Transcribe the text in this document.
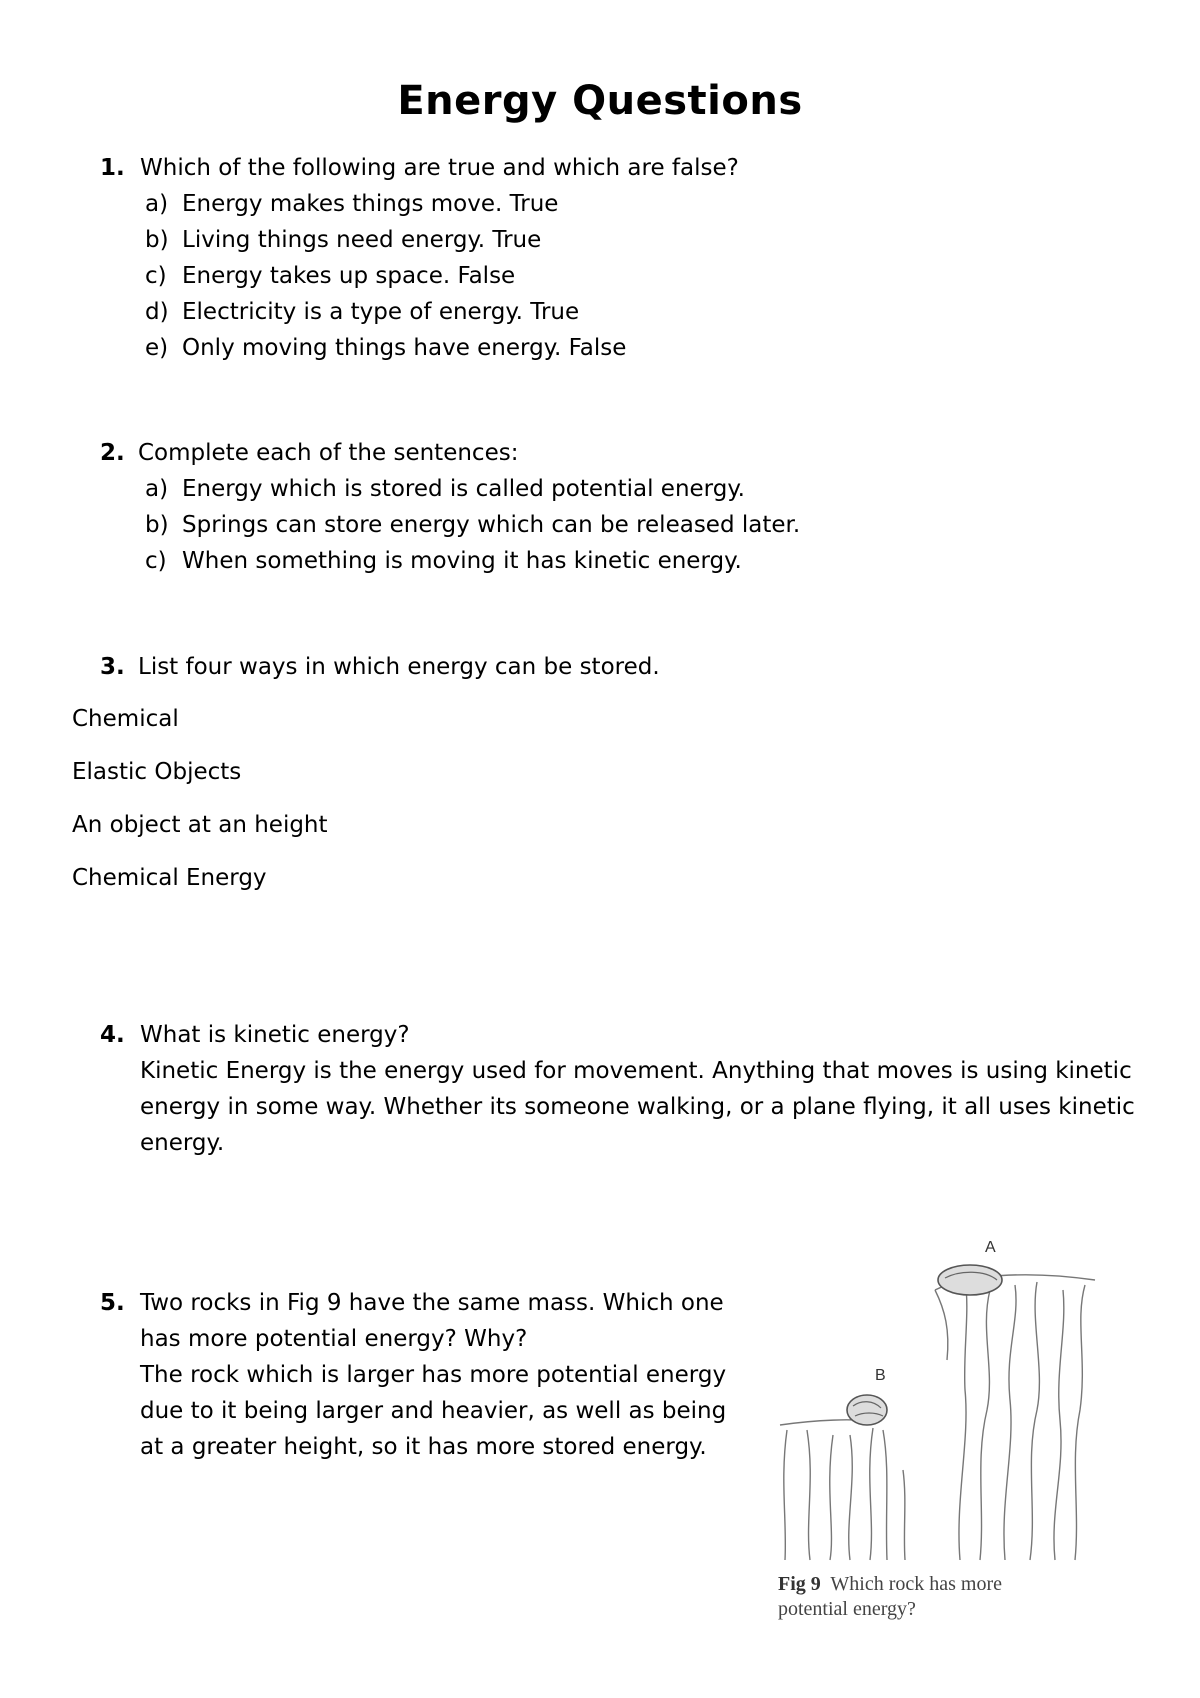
Energy Questions
1. Which of the following are true and which are false?
a) Energy makes things move. True
b) Living things need energy. True
c) Energy takes up space. False
d) Electricity is a type of energy. True
e) Only moving things have energy. False
2. Complete each of the sentences:
a) Energy which is stored is called potential energy.
b) Springs can store energy which can be released later.
c) When something is moving it has kinetic energy.
3. List four ways in which energy can be stored.
Chemical
Elastic Objects
An object at an height
Chemical Energy
4. What is kinetic energy?
Kinetic Energy is the energy used for movement. Anything that moves is using kinetic
energy in some way. Whether its someone walking, or a plane flying, it all uses kinetic
energy.
5. Two rocks in Fig 9 have the same mass. Which one
has more potential energy? Why?
The rock which is larger has more potential energy
due to it being larger and heavier, as well as being
at a greater height, so it has more stored energy.
A
B
Fig 9 Which rock has more
potential energy?
